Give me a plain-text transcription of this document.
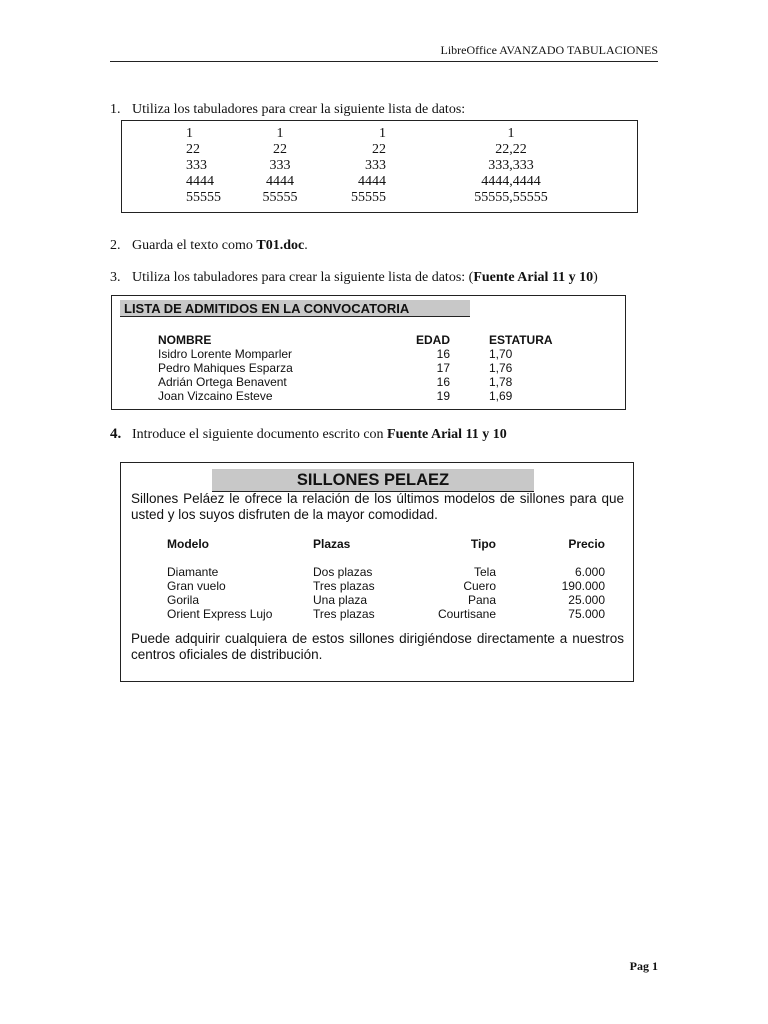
LibreOffice AVANZADO TABULACIONES
1. Utiliza los tabuladores para crear la siguiente lista de datos:
1	1	1	1
22	22	22	22,22
333	333	333	333,333
4444	4444	4444	4444,4444
55555	55555	55555	55555,55555
2. Guarda el texto como T01.doc.
3. Utiliza los tabuladores para crear la siguiente lista de datos: (Fuente Arial 11 y 10)
LISTA DE ADMITIDOS EN LA CONVOCATORIA
NOMBRE	EDAD	ESTATURA
Isidro Lorente Momparler	16	1,70
Pedro Mahiques Esparza	17	1,76
Adrián Ortega Benavent	16	1,78
Joan Vizcaino Esteve	19	1,69
4. Introduce el siguiente documento escrito con Fuente Arial 11 y 10
SILLONES PELAEZ
Sillones Peláez le ofrece la relación de los últimos modelos de sillones para que usted y los suyos disfruten de la mayor comodidad.
Modelo	Plazas	Tipo	Precio
Diamante	Dos plazas	Tela	6.000
Gran vuelo	Tres plazas	Cuero	190.000
Gorila	Una plaza	Pana	25.000
Orient Express Lujo	Tres plazas	Courtisane	75.000
Puede adquirir cualquiera de estos sillones dirigiéndose directamente a nuestros centros oficiales de distribución.
Pag 1
